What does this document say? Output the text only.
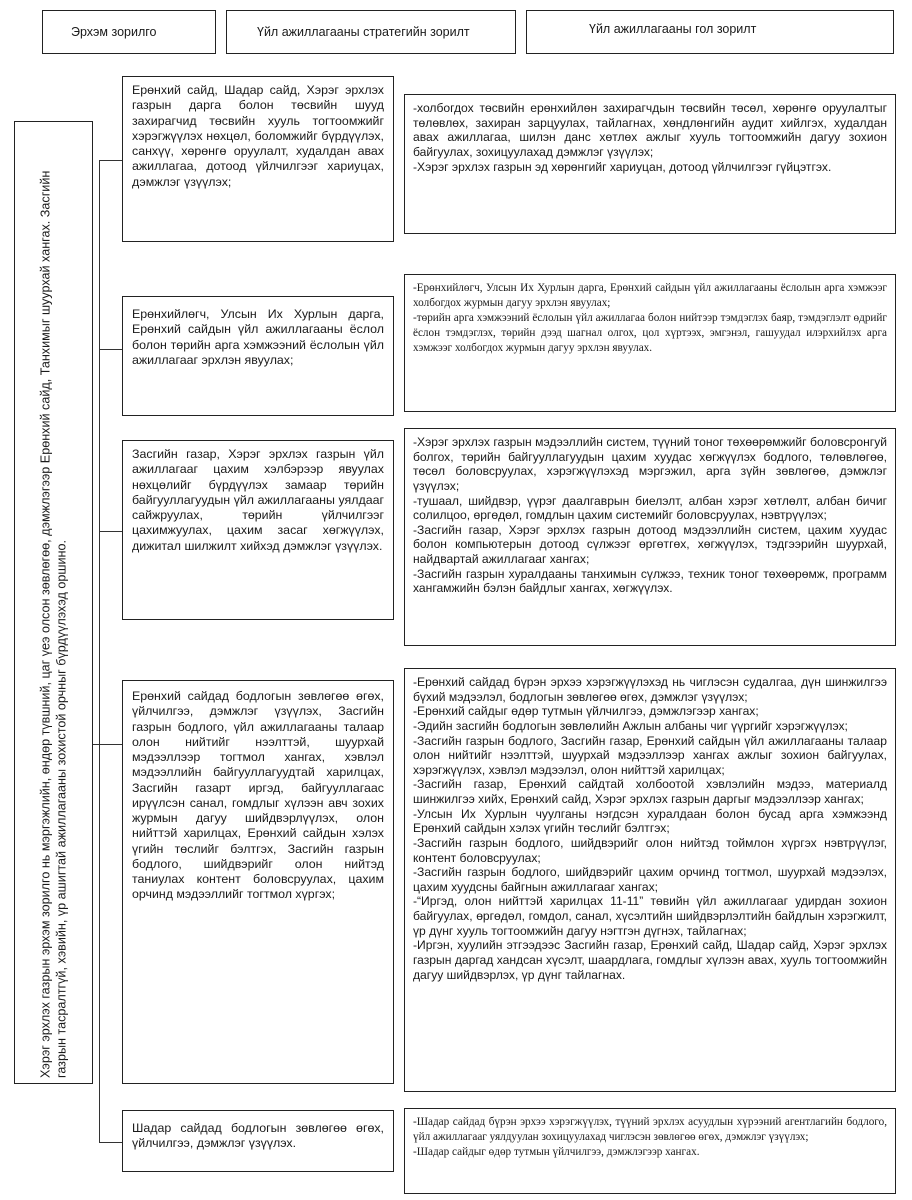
Эрхэм зорилго	Үйл ажиллагааны стратегийн зорилт	Үйл ажиллагааны гол зорилт
Хэрэг эрхлэх газрын эрхэм зорилго нь мэргэжлийн, өндөр түвшний, цаг үеэ олсон зөвлөгөө, дэмжлэгээр Ерөнхий сайд, Танхимыг шуурхай хангах. Засгийн газрын тасралтгүй, хэвийн, үр ашигтай ажиллагааны зохистой орчныг бүрдүүлэхэд оршино.
Ерөнхий сайд, Шадар сайд, Хэрэг эрхлэх газрын дарга болон төсвийн шууд захирагчид төсвийн хууль тогтоомжийг хэрэгжүүлэх нөхцөл, боломжийг бүрдүүлэх, санхүү, хөрөнгө оруулалт, худалдан авах ажиллагаа, дотоод үйлчилгээг хариуцах, дэмжлэг үзүүлэх;
-холбогдох төсвийн ерөнхийлөн захирагчдын төсвийн төсөл, хөрөнгө оруулалтыг төлөвлөх, захиран зарцуулах, тайлагнах, хөндлөнгийн аудит хийлгэх, худалдан авах ажиллагаа, шилэн данс хөтлөх ажлыг хууль тогтоомжийн дагуу зохион байгуулах, зохицуулахад дэмжлэг үзүүлэх;
-Хэрэг эрхлэх газрын эд хөрөнгийг хариуцан, дотоод үйлчилгээг гүйцэтгэх.
Ерөнхийлөгч, Улсын Их Хурлын дарга, Ерөнхий сайдын үйл ажиллагааны ёслол болон төрийн арга хэмжээний ёслолын үйл ажиллагааг эрхлэн явуулах;
-Ерөнхийлөгч, Улсын Их Хурлын дарга, Ерөнхий сайдын үйл ажиллагааны ёслолын арга хэмжээг холбогдох журмын дагуу эрхлэн явуулах;
-төрийн арга хэмжээний ёслолын үйл ажиллагаа болон нийтээр тэмдэглэх баяр, тэмдэглэлт өдрийг ёслон тэмдэглэх, төрийн дээд шагнал олгох, цол хүртээх, эмгэнэл, гашуудал илэрхийлэх арга хэмжээг холбогдох журмын дагуу эрхлэн явуулах.
Засгийн газар, Хэрэг эрхлэх газрын үйл ажиллагааг цахим хэлбэрээр явуулах нөхцөлийг бүрдүүлэх замаар төрийн байгууллагуудын үйл ажиллагааны уялдааг сайжруулах, төрийн үйлчилгээг цахимжуулах, цахим засаг хөгжүүлэх, дижитал шилжилт хийхэд дэмжлэг үзүүлэх.
-Хэрэг эрхлэх газрын мэдээллийн систем, түүний тоног төхөөрөмжийг боловсронгуй болгох, төрийн байгууллагуудын цахим хуудас хөгжүүлэх бодлого, төлөвлөгөө, төсөл боловсруулах, хэрэгжүүлэхэд мэргэжил, арга зүйн зөвлөгөө, дэмжлэг үзүүлэх;
-тушаал, шийдвэр, үүрэг даалгаврын биелэлт, албан хэрэг хөтлөлт, албан бичиг солилцоо, өргөдөл, гомдлын цахим системийг боловсруулах, нэвтрүүлэх;
-Засгийн газар, Хэрэг эрхлэх газрын дотоод мэдээллийн систем, цахим хуудас болон компьютерын дотоод сүлжээг өргөтгөх, хөгжүүлэх, тэдгээрийн шуурхай, найдвартай ажиллагааг хангах;
-Засгийн газрын хуралдааны танхимын сүлжээ, техник тоног төхөөрөмж, программ хангамжийн бэлэн байдлыг хангах, хөгжүүлэх.
Ерөнхий сайдад бодлогын зөвлөгөө өгөх, үйлчилгээ, дэмжлэг үзүүлэх, Засгийн газрын бодлого, үйл ажиллагааны талаар олон нийтийг нээлттэй, шуурхай мэдээллээр тогтмол хангах, хэвлэл мэдээллийн байгууллагуудтай харилцах, Засгийн газарт иргэд, байгууллагаас ирүүлсэн санал, гомдлыг хүлээн авч зохих журмын дагуу шийдвэрлүүлэх, олон нийттэй харилцах, Ерөнхий сайдын хэлэх үгийн төслийг бэлтгэх, Засгийн газрын бодлого, шийдвэрийг олон нийтэд таниулах контент боловсруулах, цахим орчинд мэдээллийг тогтмол хүргэх;
-Ерөнхий сайдад бүрэн эрхээ хэрэгжүүлэхэд нь чиглэсэн судалгаа, дүн шинжилгээ бүхий мэдээлэл, бодлогын зөвлөгөө өгөх, дэмжлэг үзүүлэх;
-Ерөнхий сайдыг өдөр тутмын үйлчилгээ, дэмжлэгээр хангах;
-Эдийн засгийн бодлогын зөвлөлийн Ажлын албаны чиг үүргийг хэрэгжүүлэх;
-Засгийн газрын бодлого, Засгийн газар, Ерөнхий сайдын үйл ажиллагааны талаар олон нийтийг нээлттэй, шуурхай мэдээллээр хангах ажлыг зохион байгуулах, хэрэгжүүлэх, хэвлэл мэдээлэл, олон нийттэй харилцах;
-Засгийн газар, Ерөнхий сайдтай холбоотой хэвлэлийн мэдээ, материалд шинжилгээ хийх, Ерөнхий сайд, Хэрэг эрхлэх газрын даргыг мэдээллээр хангах;
-Улсын Их Хурлын чуулганы нэгдсэн хуралдаан болон бусад арга хэмжээнд Ерөнхий сайдын хэлэх үгийн төслийг бэлтгэх;
-Засгийн газрын бодлого, шийдвэрийг олон нийтэд тоймлон хүргэх нэвтрүүлэг, контент боловсруулах;
-Засгийн газрын бодлого, шийдвэрийг цахим орчинд тогтмол, шуурхай мэдээлэх, цахим хуудсны байгнын ажиллагааг хангах;
-“Иргэд, олон нийттэй харилцах 11-11” төвийн үйл ажиллагааг удирдан зохион байгуулах, өргөдөл, гомдол, санал, хүсэлтийн шийдвэрлэлтийн байдлын хэрэгжилт, үр дүнг хууль тогтоомжийн дагуу нэгтгэн дүгнэх, тайлагнах;
-Иргэн, хуулийн этгээдээс Засгийн газар, Ерөнхий сайд, Шадар сайд, Хэрэг эрхлэх газрын даргад хандсан хүсэлт, шаардлага, гомдлыг хүлээн авах, хууль тогтоомжийн дагуу шийдвэрлэх, үр дүнг тайлагнах.
Шадар сайдад бодлогын зөвлөгөө өгөх, үйлчилгээ, дэмжлэг үзүүлэх.
-Шадар сайдад бүрэн эрхээ хэрэгжүүлэх, түүний эрхлэх асуудлын хүрээний агентлагийн бодлого, үйл ажиллагааг уялдуулан зохицуулахад чиглэсэн зөвлөгөө өгөх, дэмжлэг үзүүлэх;
-Шадар сайдыг өдөр тутмын үйлчилгээ, дэмжлэгээр хангах.
